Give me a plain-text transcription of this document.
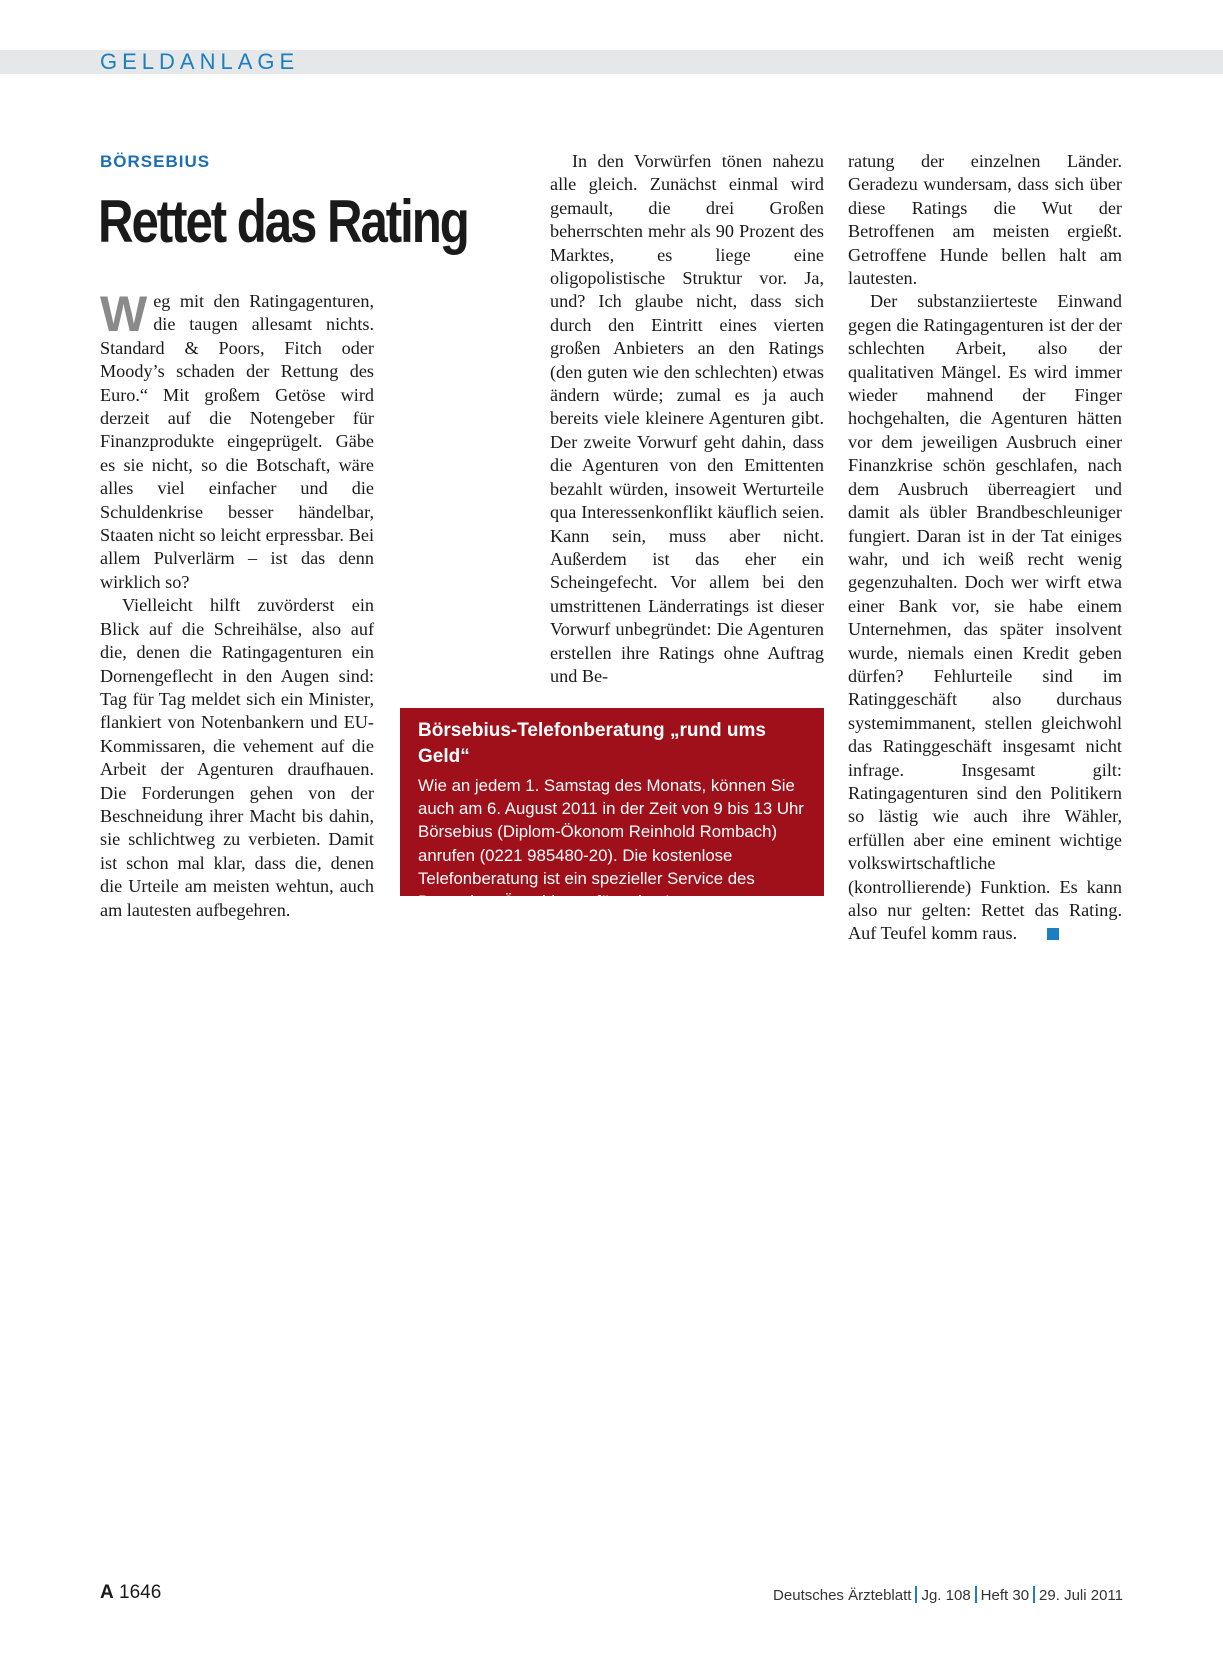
GELDANLAGE
BÖRSEBIUS
Rettet das Rating

Weg mit den Ratingagenturen, die taugen allesamt nichts. Standard & Poors, Fitch oder Moody’s schaden der Rettung des Euro.“ Mit großem Getöse wird derzeit auf die Notengeber für Finanzprodukte eingeprügelt. Gäbe es sie nicht, so die Botschaft, wäre alles viel einfacher und die Schuldenkrise besser händelbar, Staaten nicht so leicht erpressbar. Bei allem Pulverlärm – ist das denn wirklich so?

Vielleicht hilft zuvörderst ein Blick auf die Schreihälse, also auf die, denen die Ratingagenturen ein Dornengeflecht in den Augen sind: Tag für Tag meldet sich ein Minister, flankiert von Notenbankern und EU-Kommissaren, die vehement auf die Arbeit der Agenturen draufhauen. Die Forderungen gehen von der Beschneidung ihrer Macht bis dahin, sie schlichtweg zu verbieten. Damit ist schon mal klar, dass die, denen die Urteile am meisten wehtun, auch am lautesten aufbegehren.

In den Vorwürfen tönen nahezu alle gleich. Zunächst einmal wird gemault, die drei Großen beherrschten mehr als 90 Prozent des Marktes, es liege eine oligopolistische Struktur vor. Ja, und? Ich glaube nicht, dass sich durch den Eintritt eines vierten großen Anbieters an den Ratings (den guten wie den schlechten) etwas ändern würde; zumal es ja auch bereits viele kleinere Agenturen gibt. Der zweite Vorwurf geht dahin, dass die Agenturen von den Emittenten bezahlt würden, insoweit Werturteile qua Interessenkonflikt käuflich seien. Kann sein, muss aber nicht. Außerdem ist das eher ein Scheingefecht. Vor allem bei den umstrittenen Länderratings ist dieser Vorwurf unbegründet: Die Agenturen erstellen ihre Ratings ohne Auftrag und Be-

ratung der einzelnen Länder. Geradezu wundersam, dass sich über diese Ratings die Wut der Betroffenen am meisten ergießt. Getroffene Hunde bellen halt am lautesten.

Der substanziierteste Einwand gegen die Ratingagenturen ist der der schlechten Arbeit, also der qualitativen Mängel. Es wird immer wieder mahnend der Finger hochgehalten, die Agenturen hätten vor dem jeweiligen Ausbruch einer Finanzkrise schön geschlafen, nach dem Ausbruch überreagiert und damit als übler Brandbeschleuniger fungiert. Daran ist in der Tat einiges wahr, und ich weiß recht wenig gegenzuhalten. Doch wer wirft etwa einer Bank vor, sie habe einem Unternehmen, das später insolvent wurde, niemals einen Kredit geben dürfen? Fehlurteile sind im Ratinggeschäft also durchaus systemimmanent, stellen gleichwohl das Ratinggeschäft insgesamt nicht infrage. Insgesamt gilt: Ratingagenturen sind den Politikern so lästig wie auch ihre Wähler, erfüllen aber eine eminent wichtige volkswirtschaftliche (kontrollierende) Funktion. Es kann also nur gelten: Rettet das Rating. Auf Teufel komm raus.

Börsebius-Telefonberatung „rund ums Geld“
Wie an jedem 1. Samstag des Monats, können Sie auch am 6. August 2011 in der Zeit von 9 bis 13 Uhr Börsebius (Diplom-Ökonom Reinhold Rombach) anrufen (0221 985480-20). Die kostenlose Telefonberatung ist ein spezieller Service des Deutschen Ärzteblattes für seine Leser.
A 1646	Deutsches Ärzteblatt Jg. 108 Heft 30 29. Juli 2011
